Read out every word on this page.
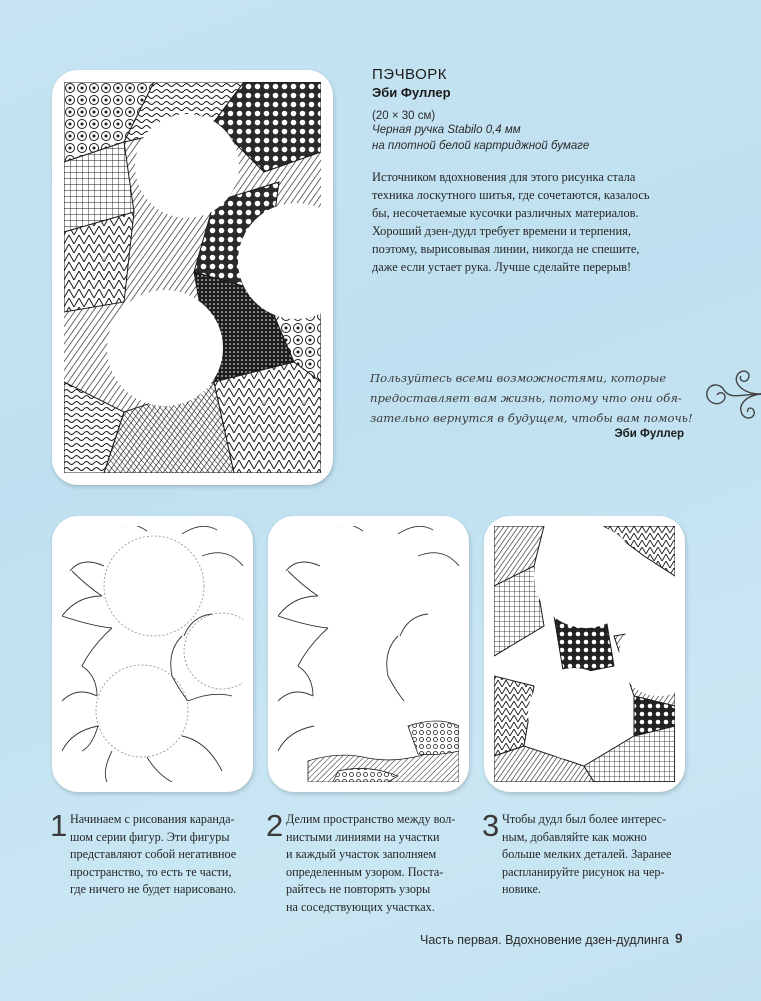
ПЭЧВОРК
Эби Фуллер
(20 × 30 см)
Черная ручка Stabilo 0,4 мм
на плотной белой картриджной бумаге
Источником вдохновения для этого рисунка стала
техника лоскутного шитья, где сочетаются, казалось
бы, несочетаемые кусочки различных материалов.
Хороший дзен-дудл требует времени и терпения,
поэтому, вырисовывая линии, никогда не спешите,
даже если устает рука. Лучше сделайте перерыв!
Пользуйтесь всеми возможностями, которые
предоставляет вам жизнь, потому что они обя-
зательно вернутся в будущем, чтобы вам помочь!
Эби Фуллер
1 Начинаем с рисования каранда-
шом серии фигур. Эти фигуры
представляют собой негативное
пространство, то есть те части,
где ничего не будет нарисовано.
2 Делим пространство между вол-
нистыми линиями на участки
и каждый участок заполняем
определенным узором. Поста-
райтесь не повторять узоры
на соседствующих участках.
3 Чтобы дудл был более интерес-
ным, добавляйте как можно
больше мелких деталей. Заранее
распланируйте рисунок на чер-
новике.
Часть первая. Вдохновение дзен-дудлинга 9
